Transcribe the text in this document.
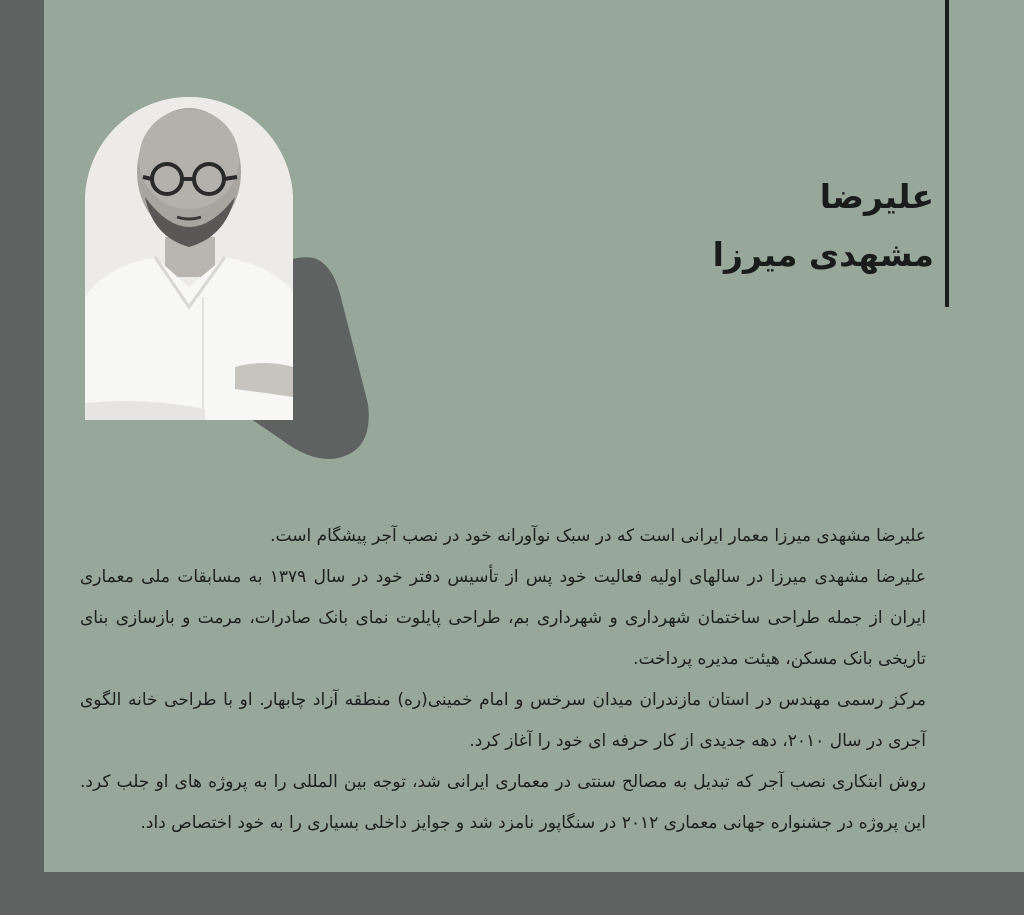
علیرضا
مشهدی میرزا

علیرضا مشهدی میرزا معمار ایرانی است که در سبک نوآورانه خود در نصب آجر پیشگام است.

علیرضا مشهدی میرزا در سالهای اولیه فعالیت خود پس از تأسیس دفتر خود در سال ۱۳۷۹ به مسابقات ملی معماری ایران از جمله طراحی ساختمان شهرداری و شهرداری بم، طراحی پایلوت نمای بانک صادرات، مرمت و بازسازی بنای تاریخی بانک مسکن، هیئت مدیره پرداخت.

مرکز رسمی مهندس در استان مازندران میدان سرخس و امام خمینی(ره) منطقه آزاد چابهار. او با طراحی خانه الگوی آجری در سال ۲۰۱۰، دهه جدیدی از کار حرفه ای خود را آغاز کرد.

روش ابتکاری نصب آجر که تبدیل به مصالح سنتی در معماری ایرانی شد، توجه بین المللی را به پروژه های او جلب کرد. این پروژه در جشنواره جهانی معماری ۲۰۱۲ در سنگاپور نامزد شد و جوایز داخلی بسیاری را به خود اختصاص داد.
